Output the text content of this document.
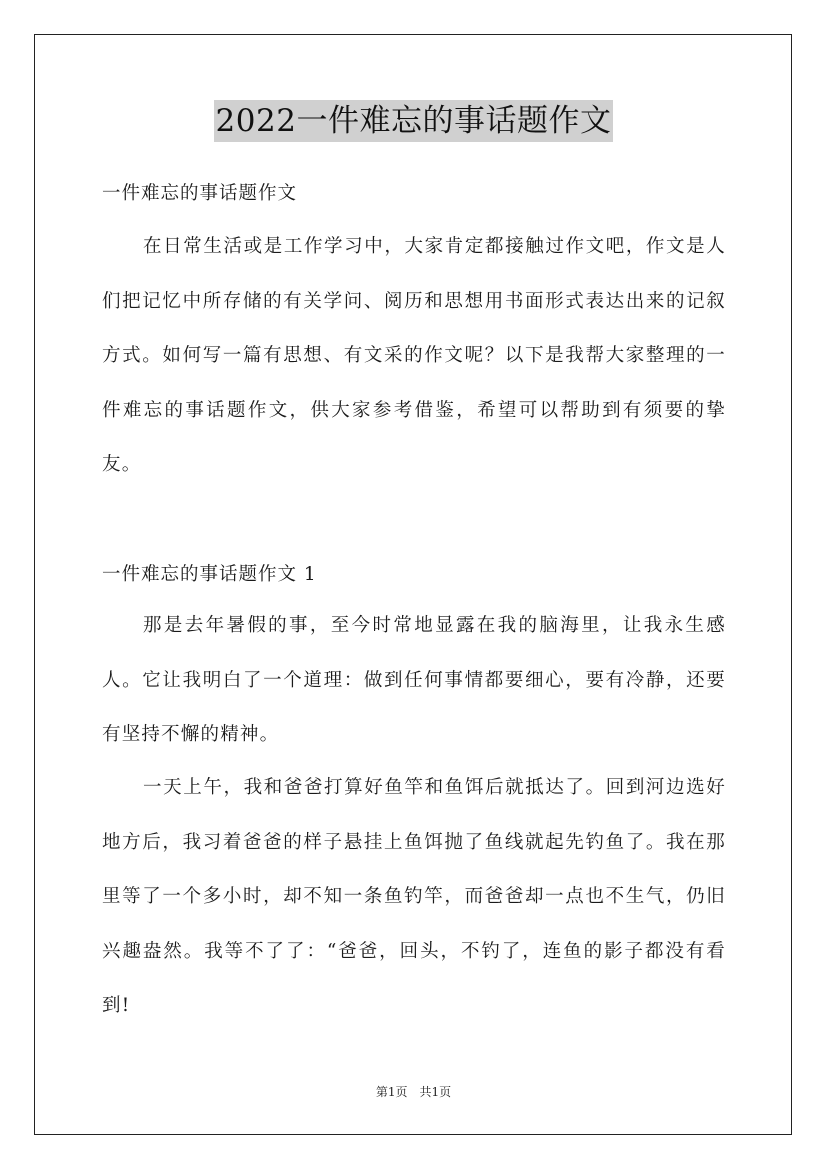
2022一件难忘的事话题作文
一件难忘的事话题作文

在日常生活或是工作学习中，大家肯定都接触过作文吧，作文是人们把记忆中所存储的有关学问、阅历和思想用书面形式表达出来的记叙方式。如何写一篇有思想、有文采的作文呢？以下是我帮大家整理的一件难忘的事话题作文，供大家参考借鉴，希望可以帮助到有须要的挚友。

一件难忘的事话题作文 1

那是去年暑假的事，至今时常地显露在我的脑海里，让我永生感人。它让我明白了一个道理：做到任何事情都要细心，要有冷静，还要有坚持不懈的精神。

一天上午，我和爸爸打算好鱼竿和鱼饵后就抵达了。回到河边选好地方后，我习着爸爸的样子悬挂上鱼饵抛了鱼线就起先钓鱼了。我在那里等了一个多小时，却不知一条鱼钓竿，而爸爸却一点也不生气，仍旧兴趣盎然。我等不了了：“爸爸，回头，不钓了，连鱼的影子都没有看到!

第1页　共1页
